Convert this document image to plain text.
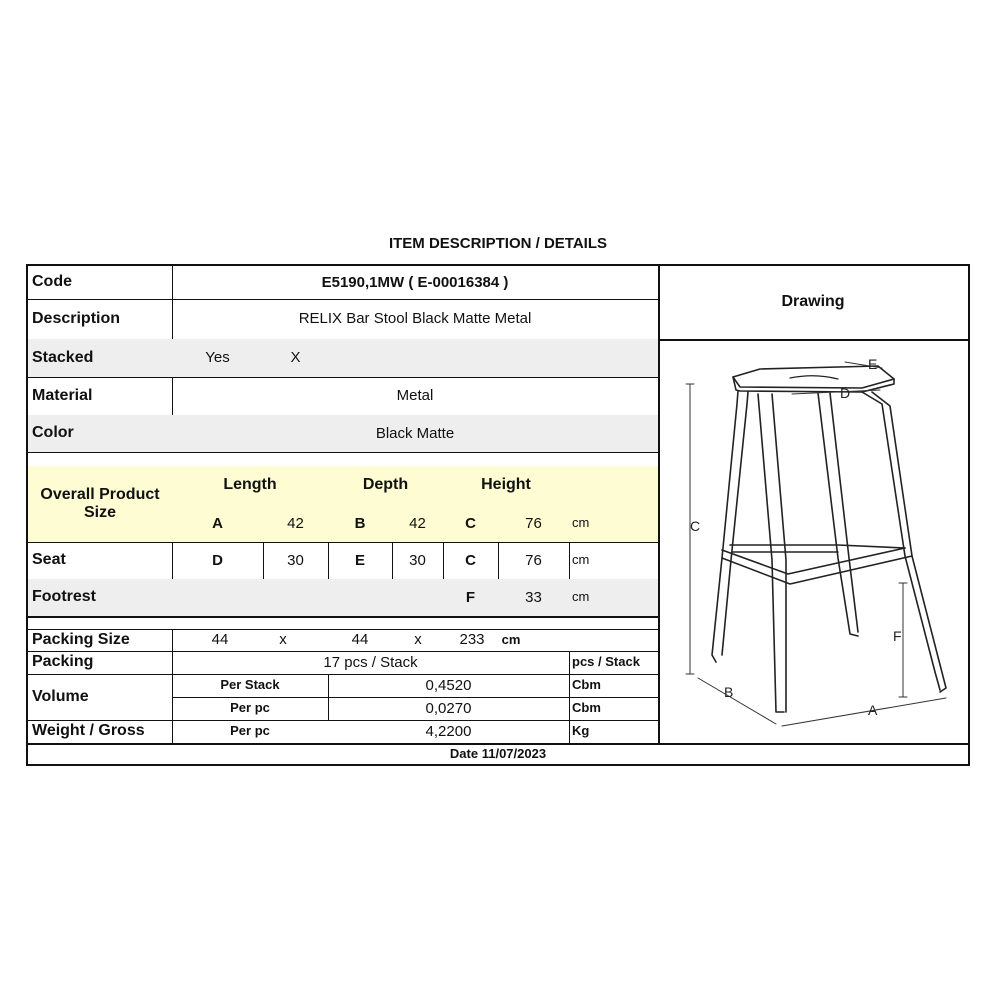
ITEM DESCRIPTION / DETAILS
Code	E5190,1MW ( E-00016384 )
Description	RELIX Bar Stool Black Matte Metal
Drawing
Stacked	Yes	X
Material	Metal
Color	Black Matte
Overall Product Size
Length	Depth	Height
A	42	B	42	C	76	cm
Seat	D	30	E	30	C	76	cm
Footrest	F	33	cm
Packing Size	44	x	44	x	233	cm
Packing	17 pcs / Stack	pcs / Stack
Volume
Per Stack	0,4520	Cbm
Per pc	0,0270	Cbm
Weight / Gross	Per pc	4,2200	Kg
Date 11/07/2023
E
D
C
F
B
A
